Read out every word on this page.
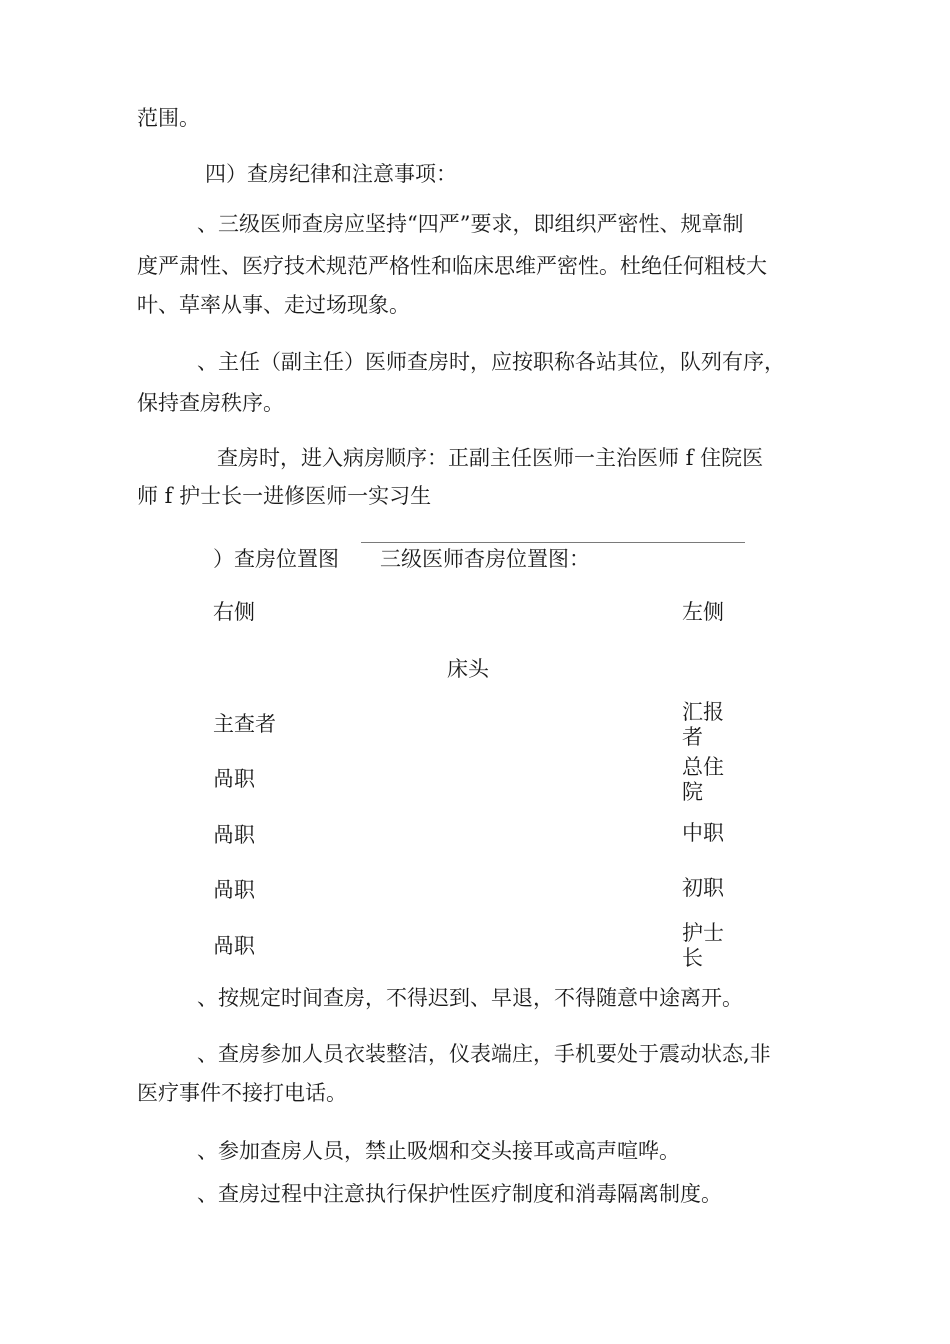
范围。
四）查房纪律和注意事项：
、三级医师查房应坚持“四严”要求，即组织严密性、规章制
度严肃性、医疗技术规范严格性和临床思维严密性。杜绝任何粗枝大
叶、草率从事、走过场现象。
、主任（副主任）医师查房时，应按职称各站其位，队列有序，
保持查房秩序。
查房时，进入病房顺序：正副主任医师一主治医师 f 住院医
师 f 护士长一进修医师一实习生
）查房位置图 三级医师杳房位置图：
右侧	左侧
床头
主查者
咼职
咼职
咼职
咼职
汇报者
总住院
中职
初职
护士长
、按规定时间查房，不得迟到、早退，不得随意中途离开。
、查房参加人员衣装整洁，仪表端庄，手机要处于震动状态,非
医疗事件不接打电话。
、参加查房人员，禁止吸烟和交头接耳或高声喧哗。
、查房过程中注意执行保护性医疗制度和消毒隔离制度。
